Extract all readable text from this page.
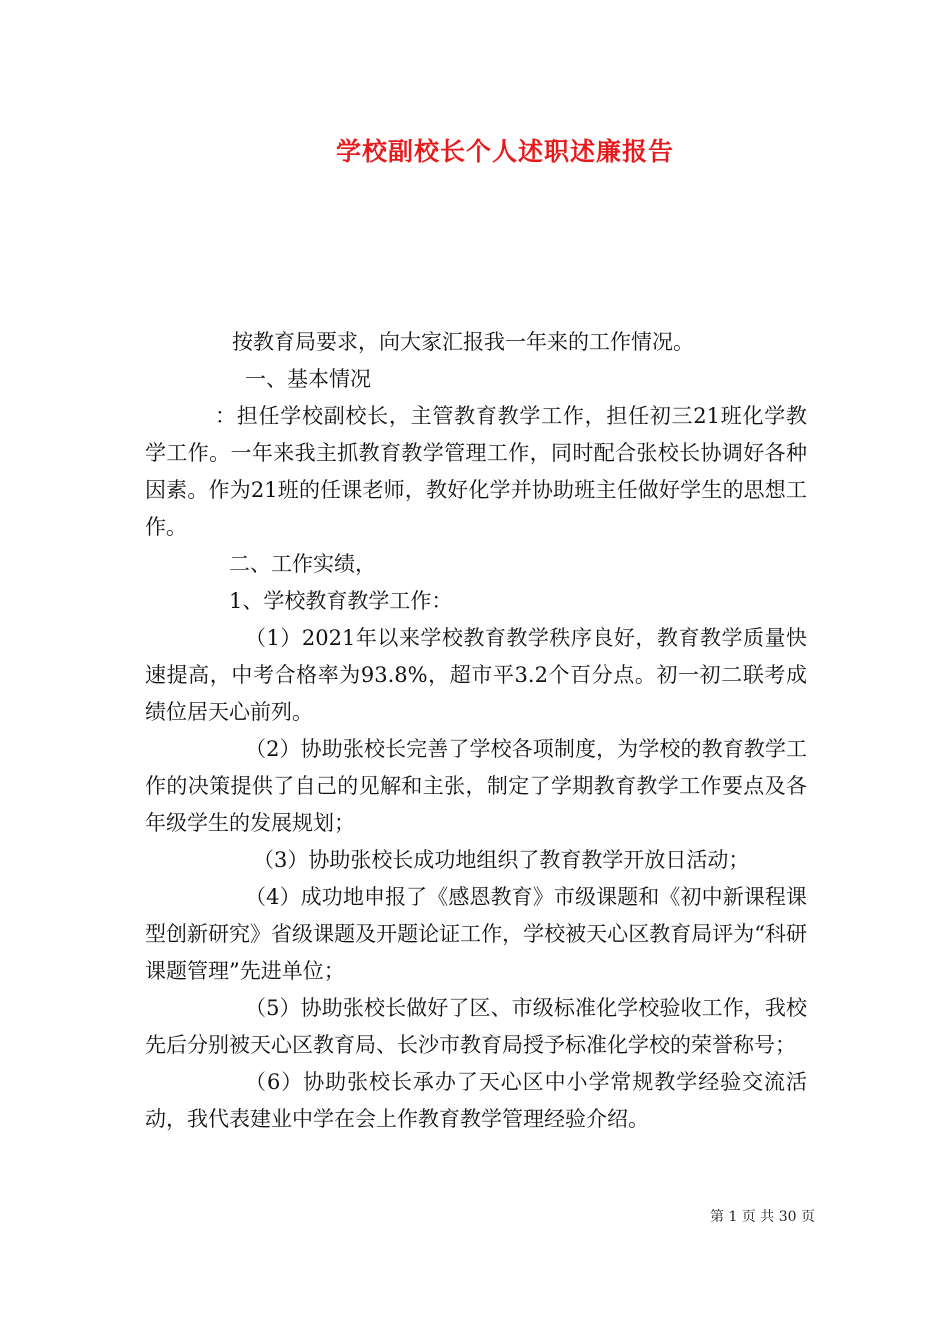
学校副校长个人述职述廉报告

按教育局要求，向大家汇报我一年来的工作情况。

一、基本情况

：担任学校副校长，主管教育教学工作，担任初三21班化学教学工作。一年来我主抓教育教学管理工作，同时配合张校长协调好各种因素。作为21班的任课老师，教好化学并协助班主任做好学生的思想工作。

二、工作实绩，

1、学校教育教学工作：

（1）2021年以来学校教育教学秩序良好，教育教学质量快速提高，中考合格率为93.8%，超市平3.2个百分点。初一初二联考成绩位居天心前列。

（2）协助张校长完善了学校各项制度，为学校的教育教学工作的决策提供了自己的见解和主张，制定了学期教育教学工作要点及各年级学生的发展规划；

（3）协助张校长成功地组织了教育教学开放日活动；

（4）成功地申报了《感恩教育》市级课题和《初中新课程课型创新研究》省级课题及开题论证工作，学校被天心区教育局评为“科研课题管理”先进单位；

（5）协助张校长做好了区、市级标准化学校验收工作，我校先后分别被天心区教育局、长沙市教育局授予标准化学校的荣誉称号；

（6）协助张校长承办了天心区中小学常规教学经验交流活动，我代表建业中学在会上作教育教学管理经验介绍。

第 1 页 共 30 页
